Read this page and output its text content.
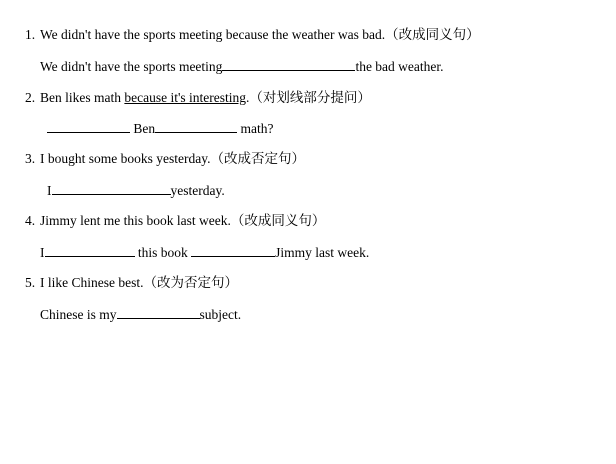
1. We didn't have the sports meeting because the weather was bad.（改成同义句）
We didn't have the sports meeting	the bad weather.
2. Ben likes math because it's interesting.（对划线部分提问）
Ben	math?
3. I bought some books yesterday.（改成否定句）
I	yesterday.
4. Jimmy lent me this book last week.（改成同义句）
I	this book	Jimmy last week.
5. I like Chinese best.（改为否定句）
Chinese is my	subject.
